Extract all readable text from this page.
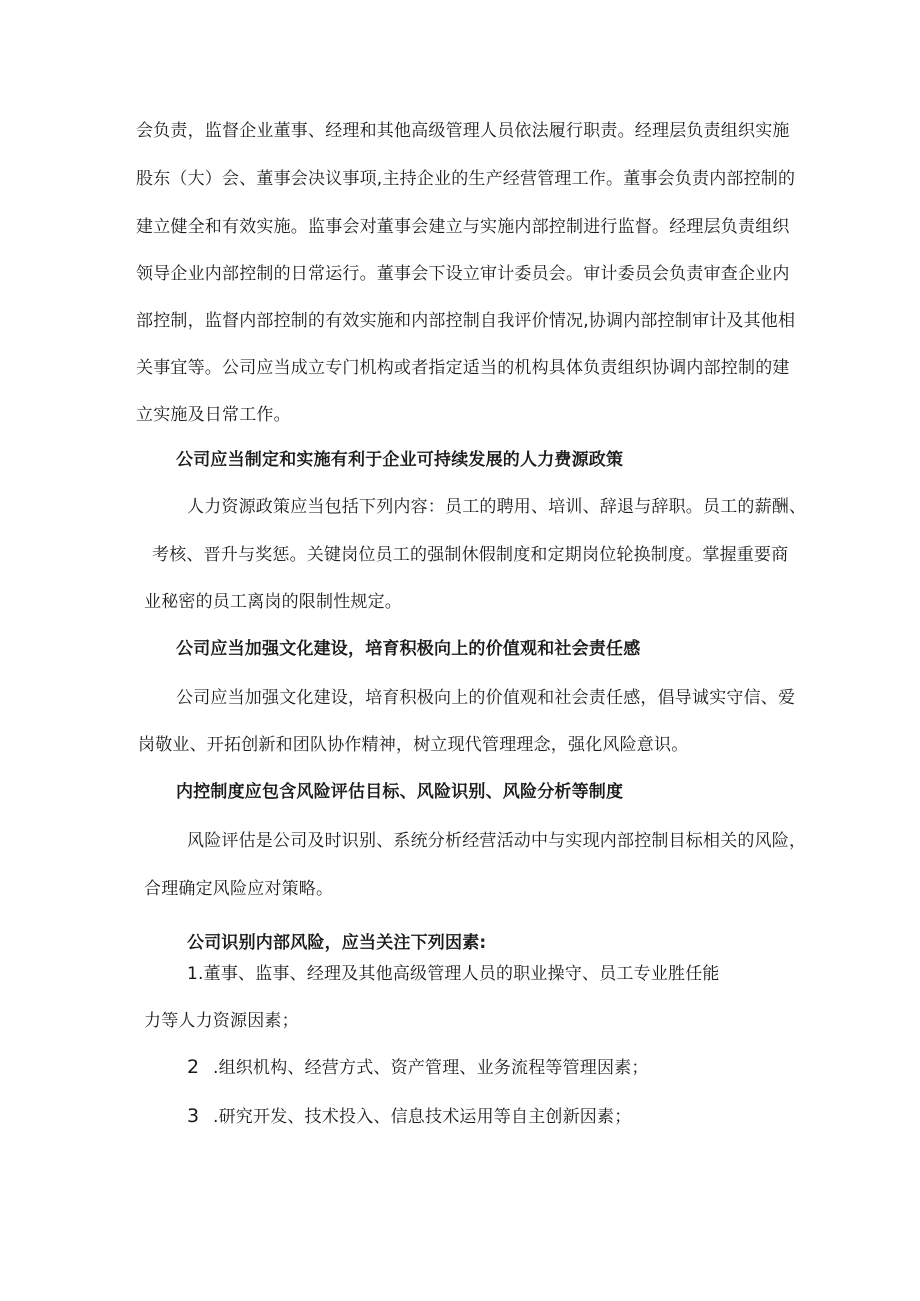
会负责，监督企业董事、经理和其他高级管理人员依法履行职责。经理层负责组织实施
股东（大）会、董事会决议事项,主持企业的生产经营管理工作。董事会负责内部控制的
建立健全和有效实施。监事会对董事会建立与实施内部控制进行监督。经理层负责组织
领导企业内部控制的日常运行。董事会下设立审计委员会。审计委员会负责审查企业内
部控制，监督内部控制的有效实施和内部控制自我评价情况,协调内部控制审计及其他相
关事宜等。公司应当成立专门机构或者指定适当的机构具体负责组织协调内部控制的建
立实施及日常工作。
公司应当制定和实施有利于企业可持续发展的人力费源政策
人力资源政策应当包括下列内容：员工的聘用、培训、辞退与辞职。员工的薪酬、
考核、晋升与奖惩。关键岗位员工的强制休假制度和定期岗位轮换制度。掌握重要商
业秘密的员工离岗的限制性规定。
公司应当加强文化建设，培育积极向上的价值观和社会责任感
公司应当加强文化建设，培育积极向上的价值观和社会责任感，倡导诚实守信、爱
岗敬业、开拓创新和团队协作精神，树立现代管理理念，强化风险意识。
内控制度应包含风险评估目标、风险识别、风险分析等制度
风险评估是公司及时识别、系统分析经营活动中与实现内部控制目标相关的风险，
合理确定风险应对策略。
公司识别内部风险，应当关注下列因素:
1.董事、监事、经理及其他高级管理人员的职业操守、员工专业胜任能
力等人力资源因素；
2 .组织机构、经营方式、资产管理、业务流程等管理因素；
3 .研究开发、技术投入、信息技术运用等自主创新因素；
